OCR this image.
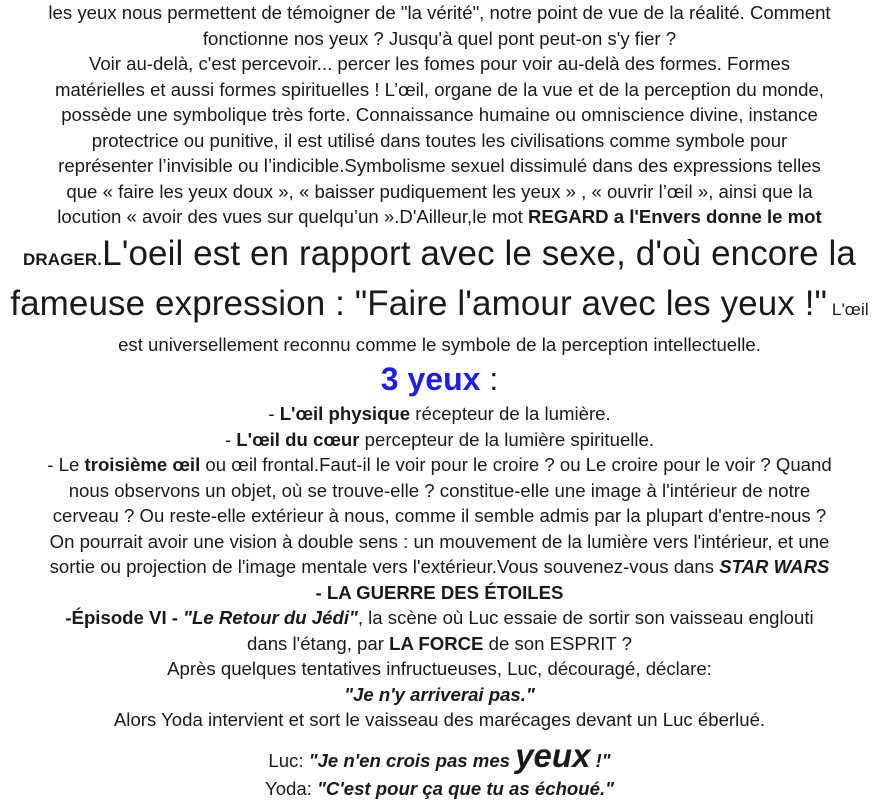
les yeux nous permettent de témoigner de "la vérité", notre point de vue de la réalité. Comment

fonctionne nos yeux ? Jusqu'à quel pont peut-on s'y fier ?

Voir au-delà, c'est percevoir... percer les fomes pour voir au-delà des formes. Formes

matérielles et aussi formes spirituelles ! L’œil, organe de la vue et de la perception du monde,

possède une symbolique très forte. Connaissance humaine ou omniscience divine, instance

protectrice ou punitive, il est utilisé dans toutes les civilisations comme symbole pour

représenter l’invisible ou l’indicible.Symbolisme sexuel dissimulé dans des expressions telles

que « faire les yeux doux », « baisser pudiquement les yeux » , « ouvrir l’œil », ainsi que la

locution « avoir des vues sur quelqu’un ».D'Ailleur,le mot REGARD a l'Envers donne le mot

DRAGER.L'oeil est en rapport avec le sexe, d'où encore la

fameuse expression : "Faire l'amour avec les yeux !" L'œil

est universellement reconnu comme le symbole de la perception intellectuelle.

3 yeux :

- L'œil physique récepteur de la lumière.

- L'œil du cœur percepteur de la lumière spirituelle.

- Le troisième œil ou œil frontal.Faut-il le voir pour le croire ? ou Le croire pour le voir ? Quand

nous observons un objet, où se trouve-elle ? constitue-elle une image à l'intérieur de notre

cerveau ? Ou reste-elle extérieur à nous, comme il semble admis par la plupart d'entre-nous ?

On pourrait avoir une vision à double sens : un mouvement de la lumière vers l'intérieur, et une

sortie ou projection de l'image mentale vers l'extérieur.Vous souvenez-vous dans STAR WARS

- LA GUERRE DES ÉTOILES

-Épisode VI - "Le Retour du Jédi", la scène où Luc essaie de sortir son vaisseau englouti

dans l'étang, par LA FORCE de son ESPRIT ?

Après quelques tentatives infructueuses, Luc, découragé, déclare:

"Je n'y arriverai pas."

Alors Yoda intervient et sort le vaisseau des marécages devant un Luc éberlué.

Luc: "Je n'en crois pas mes yeux !"

Yoda: "C'est pour ça que tu as échoué."
